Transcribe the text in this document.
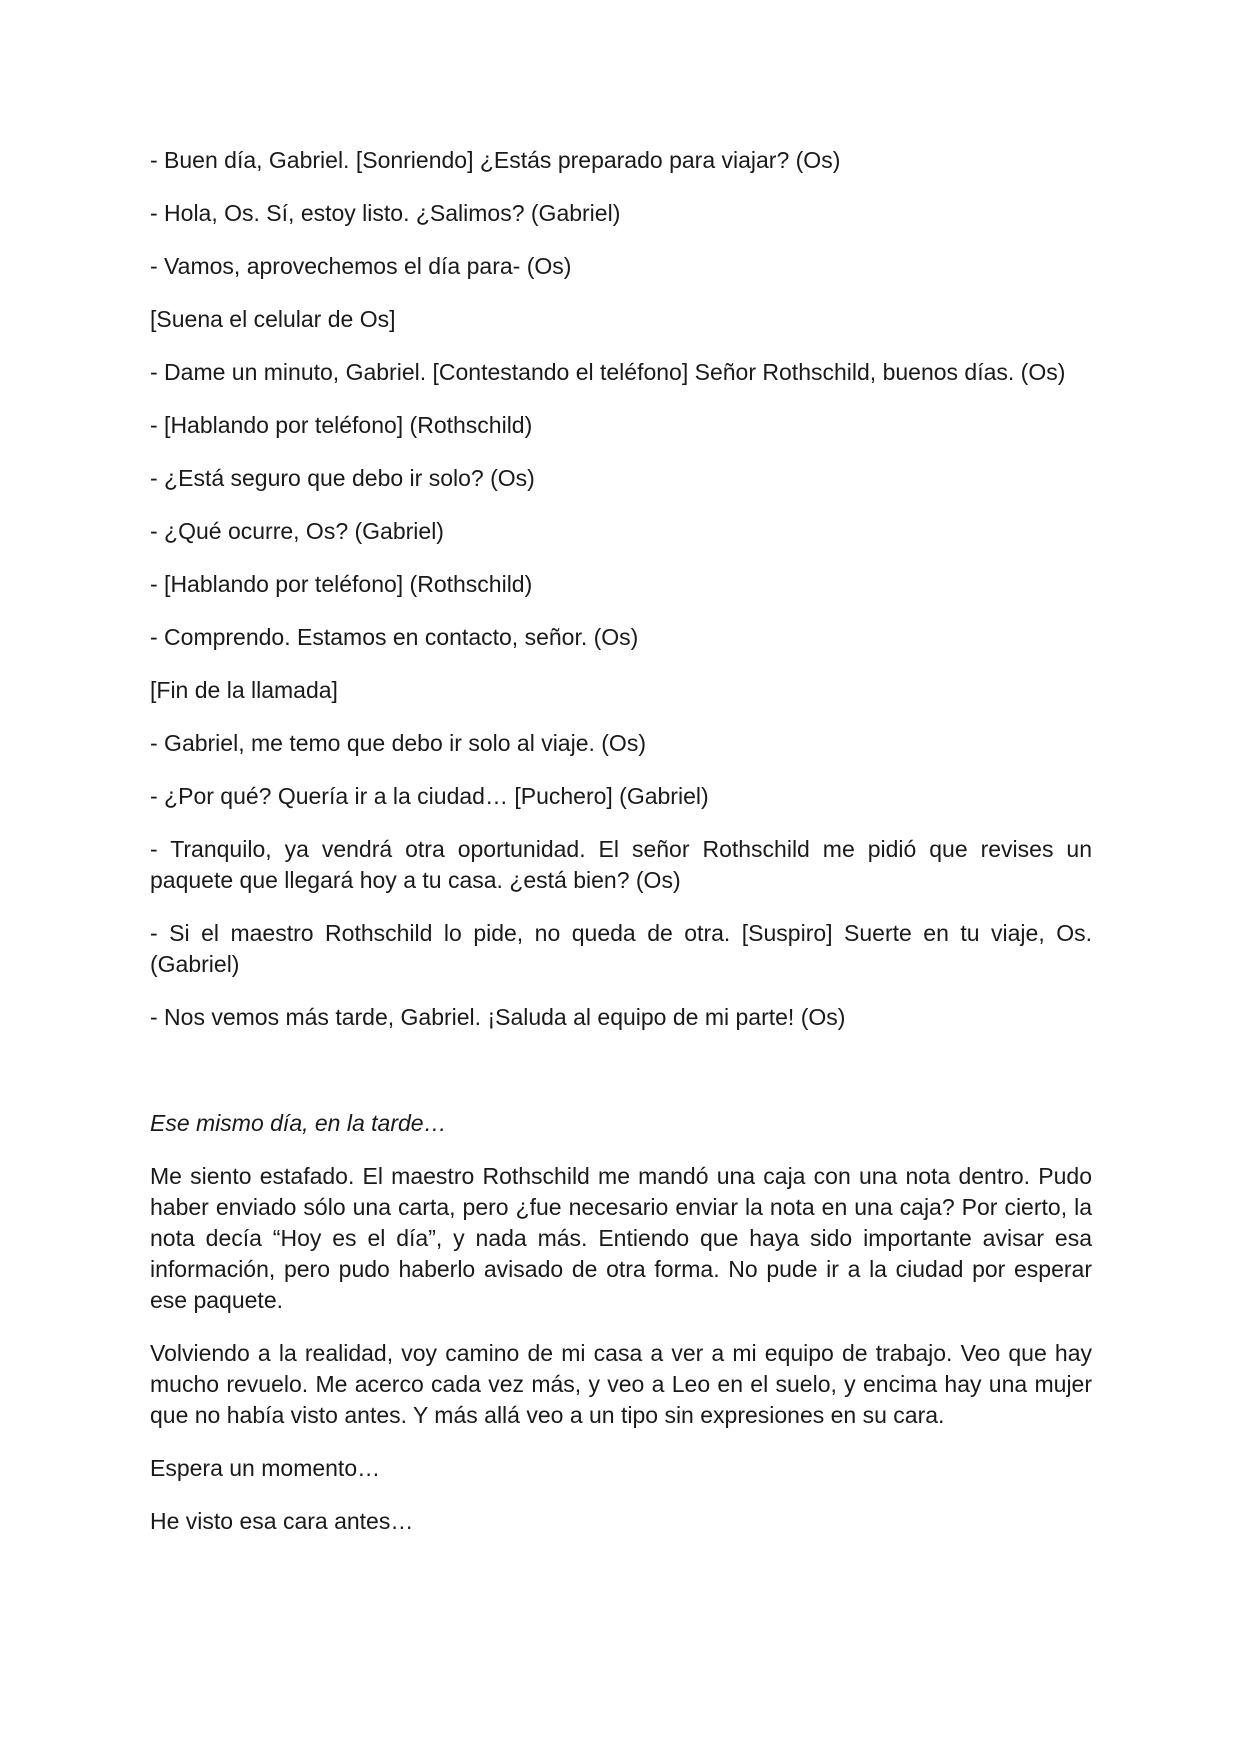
- Buen día, Gabriel. [Sonriendo] ¿Estás preparado para viajar? (Os)

- Hola, Os. Sí, estoy listo. ¿Salimos? (Gabriel)

- Vamos, aprovechemos el día para- (Os)

[Suena el celular de Os]

- Dame un minuto, Gabriel. [Contestando el teléfono] Señor Rothschild, buenos días. (Os)

- [Hablando por teléfono] (Rothschild)

- ¿Está seguro que debo ir solo? (Os)

- ¿Qué ocurre, Os? (Gabriel)

- [Hablando por teléfono] (Rothschild)

- Comprendo. Estamos en contacto, señor. (Os)

[Fin de la llamada]

- Gabriel, me temo que debo ir solo al viaje. (Os)

- ¿Por qué? Quería ir a la ciudad… [Puchero] (Gabriel)

- Tranquilo, ya vendrá otra oportunidad. El señor Rothschild me pidió que revises un paquete que llegará hoy a tu casa. ¿está bien? (Os)

- Si el maestro Rothschild lo pide, no queda de otra. [Suspiro] Suerte en tu viaje, Os. (Gabriel)

- Nos vemos más tarde, Gabriel. ¡Saluda al equipo de mi parte! (Os)

Ese mismo día, en la tarde…

Me siento estafado. El maestro Rothschild me mandó una caja con una nota dentro. Pudo haber enviado sólo una carta, pero ¿fue necesario enviar la nota en una caja? Por cierto, la nota decía “Hoy es el día”, y nada más. Entiendo que haya sido importante avisar esa información, pero pudo haberlo avisado de otra forma. No pude ir a la ciudad por esperar ese paquete.

Volviendo a la realidad, voy camino de mi casa a ver a mi equipo de trabajo. Veo que hay mucho revuelo. Me acerco cada vez más, y veo a Leo en el suelo, y encima hay una mujer que no había visto antes. Y más allá veo a un tipo sin expresiones en su cara.

Espera un momento…

He visto esa cara antes…
